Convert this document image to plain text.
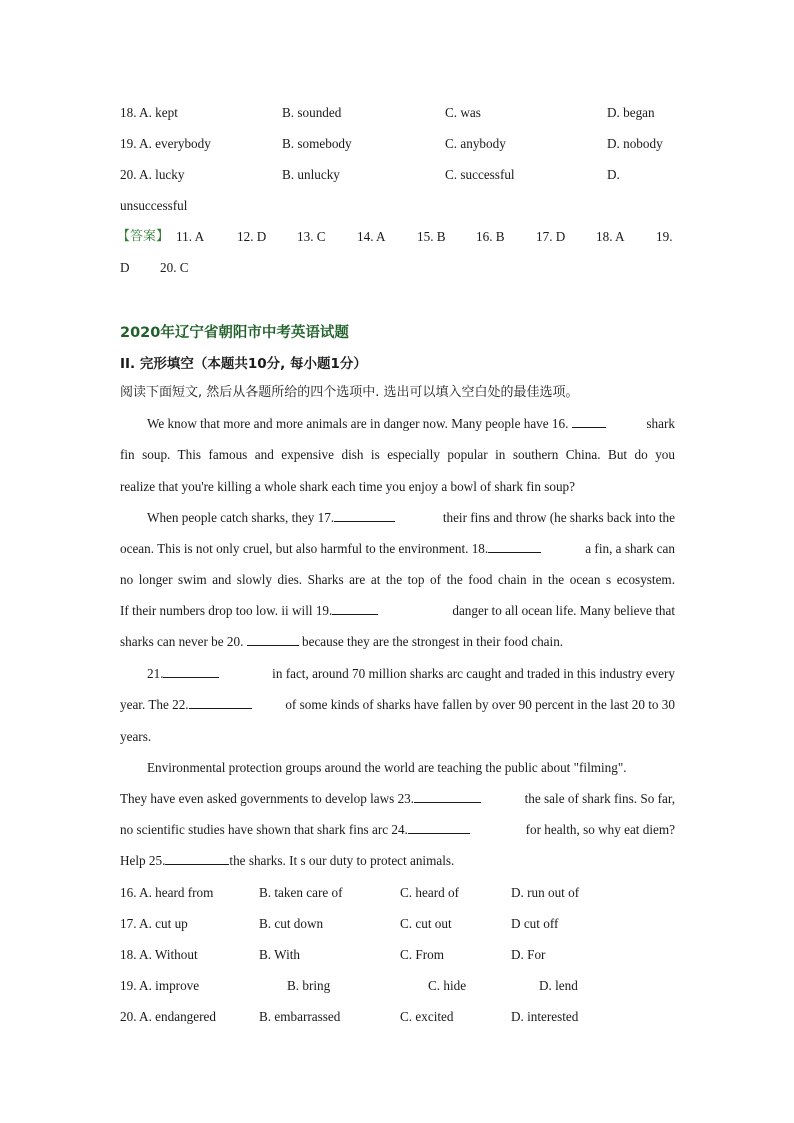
18. A. kept	B. sounded	C. was	D. began
19. A. everybody	B. somebody	C. anybody	D. nobody
20. A. lucky	B. unlucky	C. successful	D.
unsuccessful
【答案】 11. A 12. D 13. C 14. A 15. B 16. B 17. D 18. A 19.
D 20. C
2020年辽宁省朝阳市中考英语试题
II. 完形填空（本题共10分, 每小题1分）
阅读下面短文, 然后从各题所给的四个选项中. 选出可以填入空白处的最佳选项。
We know that more and more animals are in danger now. Many people have 16.	shark
fin soup. This famous and expensive dish is especially popular in southern China. But do you
realize that you're killing a whole shark each time you enjoy a bowl of shark fin soup?
When people catch sharks, they 17.	their fins and throw (he sharks back into the
ocean. This is not only cruel, but also harmful to the environment. 18.	a fin, a shark can
no longer swim and slowly dies. Sharks are at the top of the food chain in the ocean s ecosystem.
If their numbers drop too low. ii will 19.	danger to all ocean life. Many believe that
sharks can never be 20.	because they are the strongest in their food chain.
21.	in fact, around 70 million sharks arc caught and traded in this industry every
year. The 22.	of some kinds of sharks have fallen by over 90 percent in the last 20 to 30
years.
Environmental protection groups around the world are teaching the public about "filming".
They have even asked governments to develop laws 23.	the sale of shark fins. So far,
no scientific studies have shown that shark fins arc 24.	for health, so why eat diem?
Help 25.	the sharks. It s our duty to protect animals.
16. A. heard from	B. taken care of	C. heard of	D. run out of
17. A. cut up	B. cut down	C. cut out	D cut off
18. A. Without	B. With	C. From	D. For
19. A. improve	B. bring	C. hide	D. lend
20. A. endangered	B. embarrassed	C. excited	D. interested
